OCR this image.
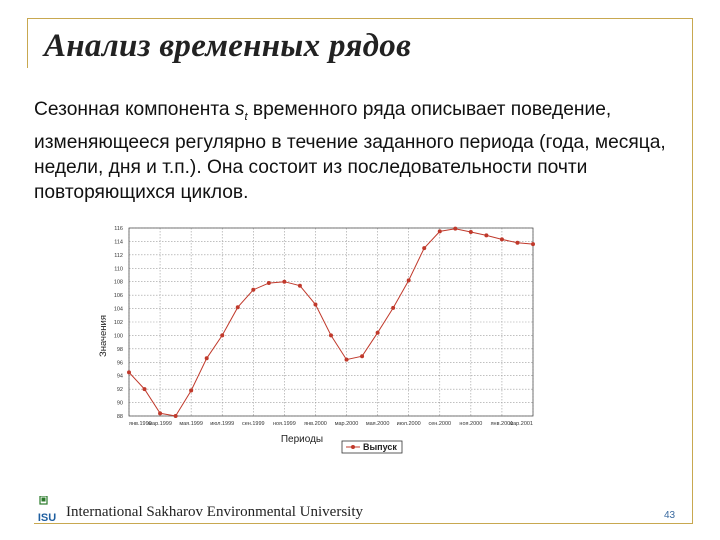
Анализ временных рядов
Сезонная компонента $s_t$ временного ряда описывает поведение, изменяющееся регулярно в течение заданного периода (года, месяца, недели, дня и т.п.). Она состоит из последовательности почти повторяющихся циклов.
88
90
92
94
96
98
100
102
104
106
108
110
112
114
116
янв.1999
мар.1999 мая.1999 июл.1999 сен.1999 ноя.1999 янв.2000 мар.2000 мая.2000 июл.2000 сен.2000 ноя.2000 янв.2001
мар.2001
Значения
Периоды
Выпуск
ISU International Sakharov Environmental University	43
